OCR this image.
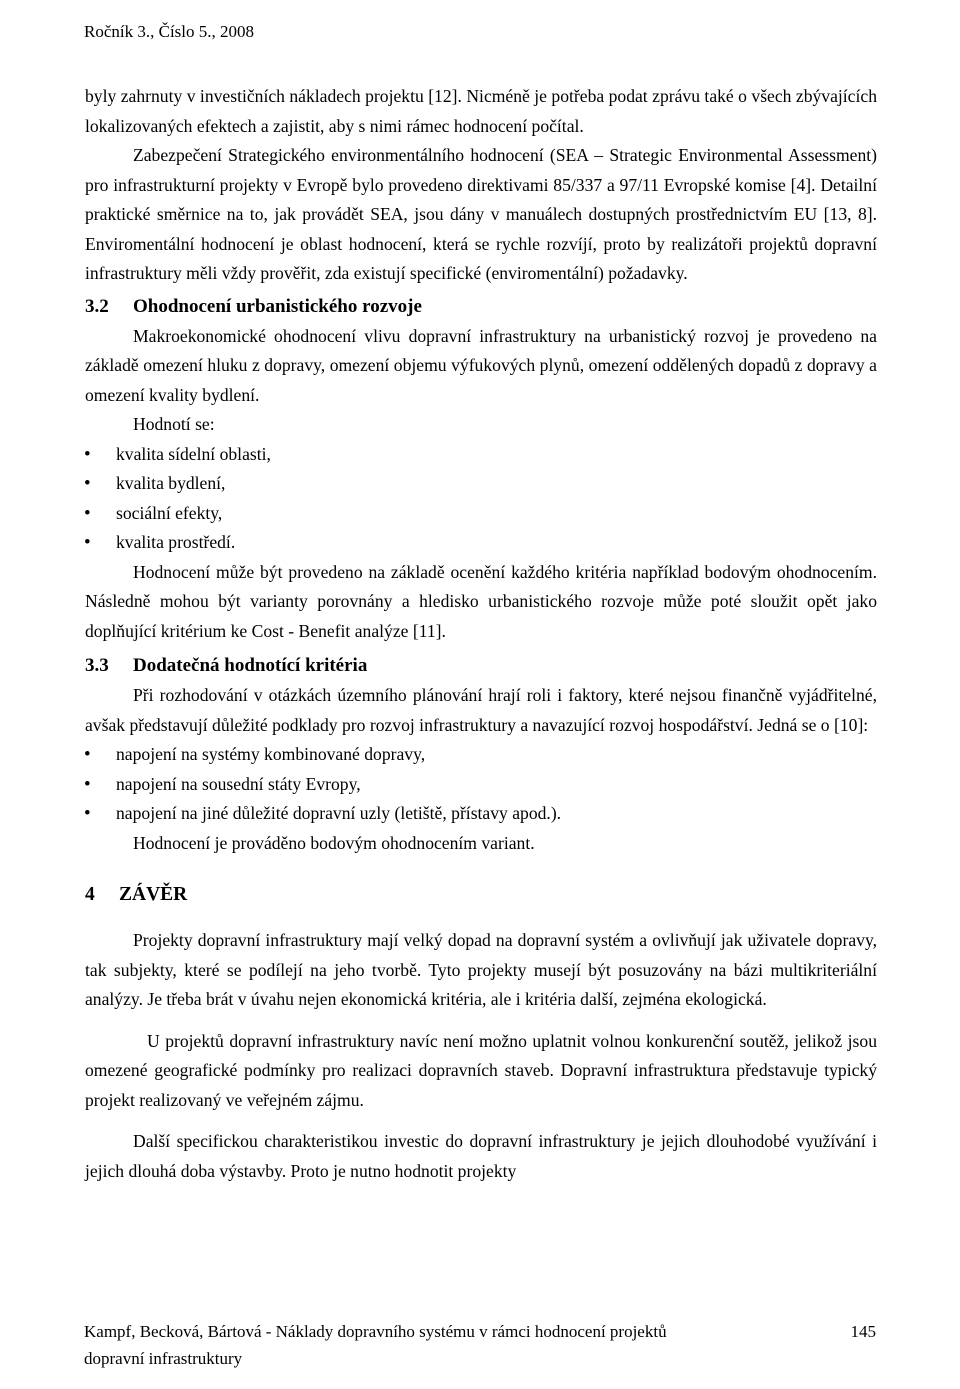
Ročník 3., Číslo 5., 2008

byly zahrnuty v investičních nákladech projektu [12]. Nicméně je potřeba podat zprávu také o všech zbývajících lokalizovaných efektech a zajistit, aby s nimi rámec hodnocení počítal.

Zabezpečení Strategického environmentálního hodnocení (SEA – Strategic Environmental Assessment) pro infrastrukturní projekty v Evropě bylo provedeno direktivami 85/337 a 97/11 Evropské komise [4]. Detailní praktické směrnice na to, jak provádět SEA, jsou dány v manuálech dostupných prostřednictvím EU [13, 8]. Enviromentální hodnocení je oblast hodnocení, která se rychle rozvíjí, proto by realizátoři projektů dopravní infrastruktury měli vždy prověřit, zda existují specifické (enviromentální) požadavky.

3.2 Ohodnocení urbanistického rozvoje

Makroekonomické ohodnocení vlivu dopravní infrastruktury na urbanistický rozvoj je provedeno na základě omezení hluku z dopravy, omezení objemu výfukových plynů, omezení oddělených dopadů z dopravy a omezení kvality bydlení.

Hodnotí se:

• kvalita sídelní oblasti,
• kvalita bydlení,
• sociální efekty,
• kvalita prostředí.

Hodnocení může být provedeno na základě ocenění každého kritéria například bodovým ohodnocením. Následně mohou být varianty porovnány a hledisko urbanistického rozvoje může poté sloužit opět jako doplňující kritérium ke Cost - Benefit analýze [11].

3.3 Dodatečná hodnotící kritéria

Při rozhodování v otázkách územního plánování hrají roli i faktory, které nejsou finančně vyjádřitelné, avšak představují důležité podklady pro rozvoj infrastruktury a navazující rozvoj hospodářství. Jedná se o [10]:

• napojení na systémy kombinované dopravy,
• napojení na sousední státy Evropy,
• napojení na jiné důležité dopravní uzly (letiště, přístavy apod.).

Hodnocení je prováděno bodovým ohodnocením variant.

4 ZÁVĚR

Projekty dopravní infrastruktury mají velký dopad na dopravní systém a ovlivňují jak uživatele dopravy, tak subjekty, které se podílejí na jeho tvorbě. Tyto projekty musejí být posuzovány na bázi multikriteriální analýzy. Je třeba brát v úvahu nejen ekonomická kritéria, ale i kritéria další, zejména ekologická.

U projektů dopravní infrastruktury navíc není možno uplatnit volnou konkurenční soutěž, jelikož jsou omezené geografické podmínky pro realizaci dopravních staveb. Dopravní infrastruktura představuje typický projekt realizovaný ve veřejném zájmu.

Další specifickou charakteristikou investic do dopravní infrastruktury je jejich dlouhodobé využívání i jejich dlouhá doba výstavby. Proto je nutno hodnotit projekty

Kampf, Becková, Bártová - Náklady dopravního systému v rámci hodnocení projektů
dopravní infrastruktury
145
